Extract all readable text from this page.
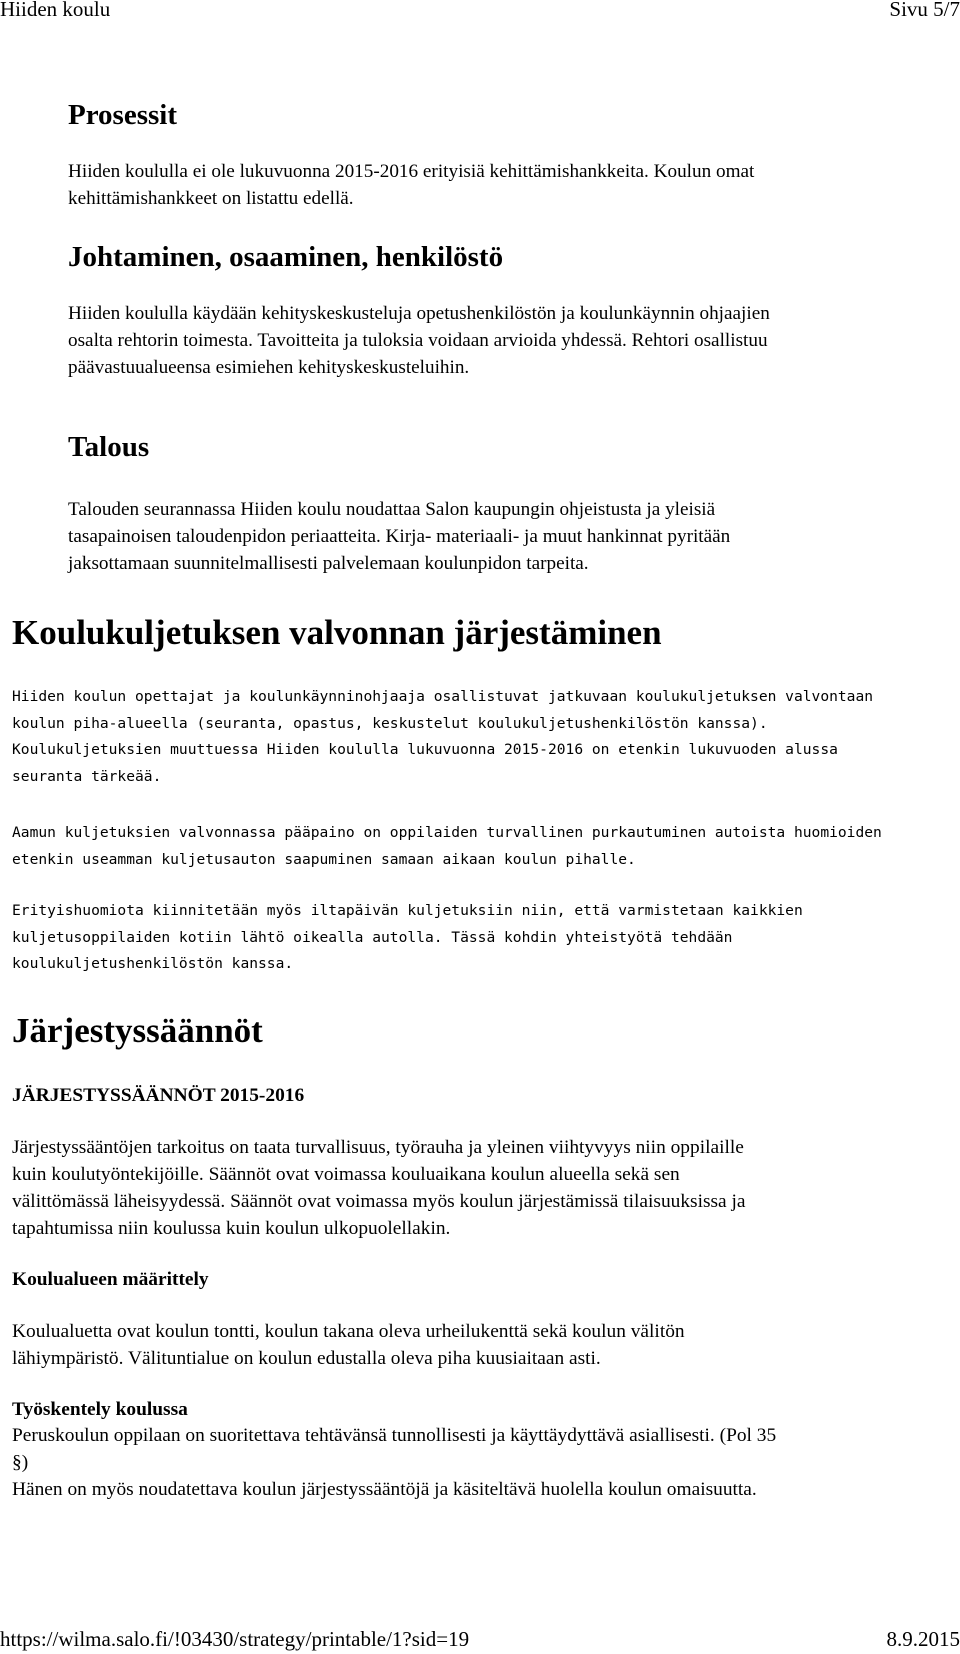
Hiiden koulu	Sivu 5/7
Prosessit
Hiiden koululla ei ole lukuvuonna 2015-2016 erityisiä kehittämishankkeita. Koulun omat
kehittämishankkeet on listattu edellä.
Johtaminen, osaaminen, henkilöstö
Hiiden koululla käydään kehityskeskusteluja opetushenkilöstön ja koulunkäynnin ohjaajien
osalta rehtorin toimesta. Tavoitteita ja tuloksia voidaan arvioida yhdessä. Rehtori osallistuu
päävastuualueensa esimiehen kehityskeskusteluihin.
Talous
Talouden seurannassa Hiiden koulu noudattaa Salon kaupungin ohjeistusta ja yleisiä
tasapainoisen taloudenpidon periaatteita. Kirja- materiaali- ja muut hankinnat pyritään
jaksottamaan suunnitelmallisesti palvelemaan koulunpidon tarpeita.
Koulukuljetuksen valvonnan järjestäminen
Hiiden koulun opettajat ja koulunkäynninohjaaja osallistuvat jatkuvaan koulukuljetuksen valvontaan
koulun piha-alueella (seuranta, opastus, keskustelut koulukuljetushenkilöstön kanssa).
Koulukuljetuksien muuttuessa Hiiden koululla lukuvuonna 2015-2016 on etenkin lukuvuoden alussa
seuranta tärkeää.
Aamun kuljetuksien valvonnassa pääpaino on oppilaiden turvallinen purkautuminen autoista huomioiden
etenkin useamman kuljetusauton saapuminen samaan aikaan koulun pihalle.
Erityishuomiota kiinnitetään myös iltapäivän kuljetuksiin niin, että varmistetaan kaikkien
kuljetusoppilaiden kotiin lähtö oikealla autolla. Tässä kohdin yhteistyötä tehdään
koulukuljetushenkilöstön kanssa.
Järjestyssäännöt
JÄRJESTYSSÄÄNNÖT 2015-2016
Järjestyssääntöjen tarkoitus on taata turvallisuus, työrauha ja yleinen viihtyvyys niin oppilaille
kuin koulutyöntekijöille. Säännöt ovat voimassa kouluaikana koulun alueella sekä sen
välittömässä läheisyydessä. Säännöt ovat voimassa myös koulun järjestämissä tilaisuuksissa ja
tapahtumissa niin koulussa kuin koulun ulkopuolellakin.
Koulualueen määrittely
Koulualuetta ovat koulun tontti, koulun takana oleva urheilukenttä sekä koulun välitön
lähiympäristö. Välituntialue on koulun edustalla oleva piha kuusiaitaan asti.
Työskentely koulussa
Peruskoulun oppilaan on suoritettava tehtävänsä tunnollisesti ja käyttäydyttävä asiallisesti. (Pol 35
§)
Hänen on myös noudatettava koulun järjestyssääntöjä ja käsiteltävä huolella koulun omaisuutta.
https://wilma.salo.fi/!03430/strategy/printable/1?sid=19	8.9.2015
